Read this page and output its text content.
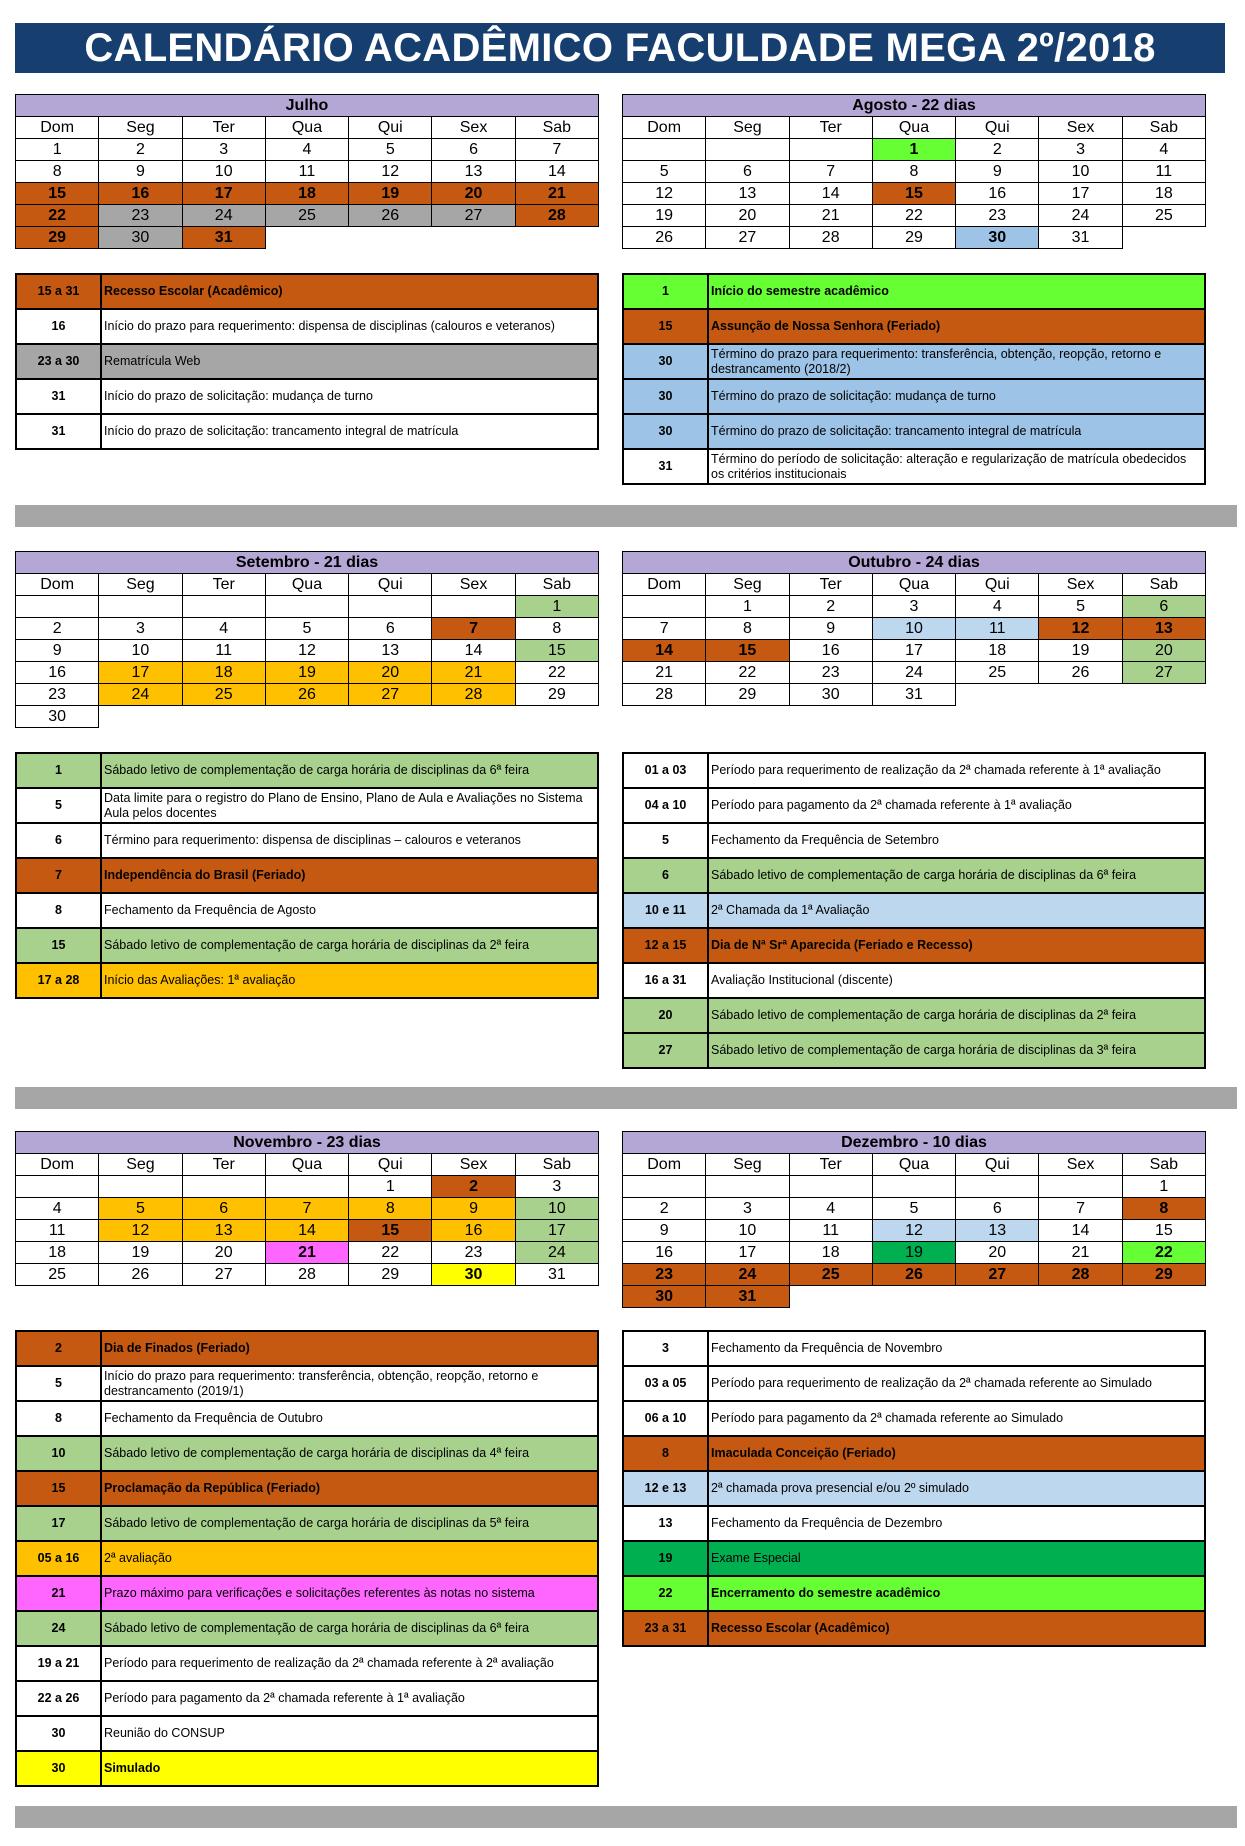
CALENDÁRIO ACADÊMICO FACULDADE MEGA 2º/2018
Julho						
Dom	Seg	Ter	Qua	Qui	Sex	Sab
1	2	3	4	5	6	7
8	9	10	11	12	13	14
15	16	17	18	19	20	21
22	23	24	25	26	27	28
29	30	31				
Agosto - 22 dias						
Dom	Seg	Ter	Qua	Qui	Sex	Sab
			1	2	3	4
5	6	7	8	9	10	11
12	13	14	15	16	17	18
19	20	21	22	23	24	25
26	27	28	29	30	31	
Setembro - 21 dias						
Dom	Seg	Ter	Qua	Qui	Sex	Sab
						1
2	3	4	5	6	7	8
9	10	11	12	13	14	15
16	17	18	19	20	21	22
23	24	25	26	27	28	29
30						
Outubro - 24 dias						
Dom	Seg	Ter	Qua	Qui	Sex	Sab
	1	2	3	4	5	6
7	8	9	10	11	12	13
14	15	16	17	18	19	20
21	22	23	24	25	26	27
28	29	30	31			
Novembro - 23 dias						
Dom	Seg	Ter	Qua	Qui	Sex	Sab
				1	2	3
4	5	6	7	8	9	10
11	12	13	14	15	16	17
18	19	20	21	22	23	24
25	26	27	28	29	30	31
Dezembro - 10 dias						
Dom	Seg	Ter	Qua	Qui	Sex	Sab
						1
2	3	4	5	6	7	8
9	10	11	12	13	14	15
16	17	18	19	20	21	22
23	24	25	26	27	28	29
30	31					
15 a 31	Recesso Escolar (Acadêmico)
16	Início do prazo para requerimento: dispensa de disciplinas (calouros e veteranos)
23 a 30	Rematrícula Web
31	Início do prazo de solicitação: mudança de turno
31	Início do prazo de solicitação: trancamento integral de matrícula
1	Início do semestre acadêmico
15	Assunção de Nossa Senhora (Feriado)
30	Término do prazo para requerimento: transferência, obtenção, reopção, retorno e destrancamento (2018/2)
30	Término do prazo de solicitação: mudança de turno
30	Término do prazo de solicitação: trancamento integral de matrícula
31	Término do período de solicitação: alteração e regularização de matrícula obedecidos os critérios institucionais
1	Sábado letivo de complementação de carga horária de disciplinas da 6ª feira
5	Data limite para o registro do Plano de Ensino, Plano de Aula e Avaliações no Sistema Aula pelos docentes
6	Término para requerimento: dispensa de disciplinas – calouros e veteranos
7	Independência do Brasil (Feriado)
8	Fechamento da Frequência de Agosto
15	Sábado letivo de complementação de carga horária de disciplinas da 2ª feira
17 a 28	Início das Avaliações: 1ª avaliação
01 a 03	Período para requerimento de realização da 2ª chamada referente à 1ª avaliação
04 a 10	Período para pagamento da 2ª chamada referente à 1ª avaliação
5	Fechamento da Frequência de Setembro
6	Sábado letivo de complementação de carga horária de disciplinas da 6ª feira
10 e 11	2ª Chamada da 1ª Avaliação
12 a 15	Dia de Nª Srª Aparecida (Feriado e Recesso)
16 a 31	Avaliação Institucional (discente)
20	Sábado letivo de complementação de carga horária de disciplinas da 2ª feira
27	Sábado letivo de complementação de carga horária de disciplinas da 3ª feira
2	Dia de Finados (Feriado)
5	Início do prazo para requerimento: transferência, obtenção, reopção, retorno e destrancamento (2019/1)
8	Fechamento da Frequência de Outubro
10	Sábado letivo de complementação de carga horária de disciplinas da 4ª feira
15	Proclamação da República (Feriado)
17	Sábado letivo de complementação de carga horária de disciplinas da 5ª feira
05 a 16	2ª avaliação
21	Prazo máximo para verificações e solicitações referentes às notas no sistema
24	Sábado letivo de complementação de carga horária de disciplinas da 6ª feira
19 a 21	Período para requerimento de realização da 2ª chamada referente à 2ª avaliação
22 a 26	Período para pagamento da 2ª chamada referente à 1ª avaliação
30	Reunião do CONSUP
30	Simulado
3	Fechamento da Frequência de Novembro
03 a 05	Período para requerimento de realização da 2ª chamada referente ao Simulado
06 a 10	Período para pagamento da 2ª chamada referente ao Simulado
8	Imaculada Conceição (Feriado)
12 e 13	2ª chamada prova presencial e/ou 2º simulado
13	Fechamento da Frequência de Dezembro
19	Exame Especial
22	Encerramento do semestre acadêmico
23 a 31	Recesso Escolar (Acadêmico)
